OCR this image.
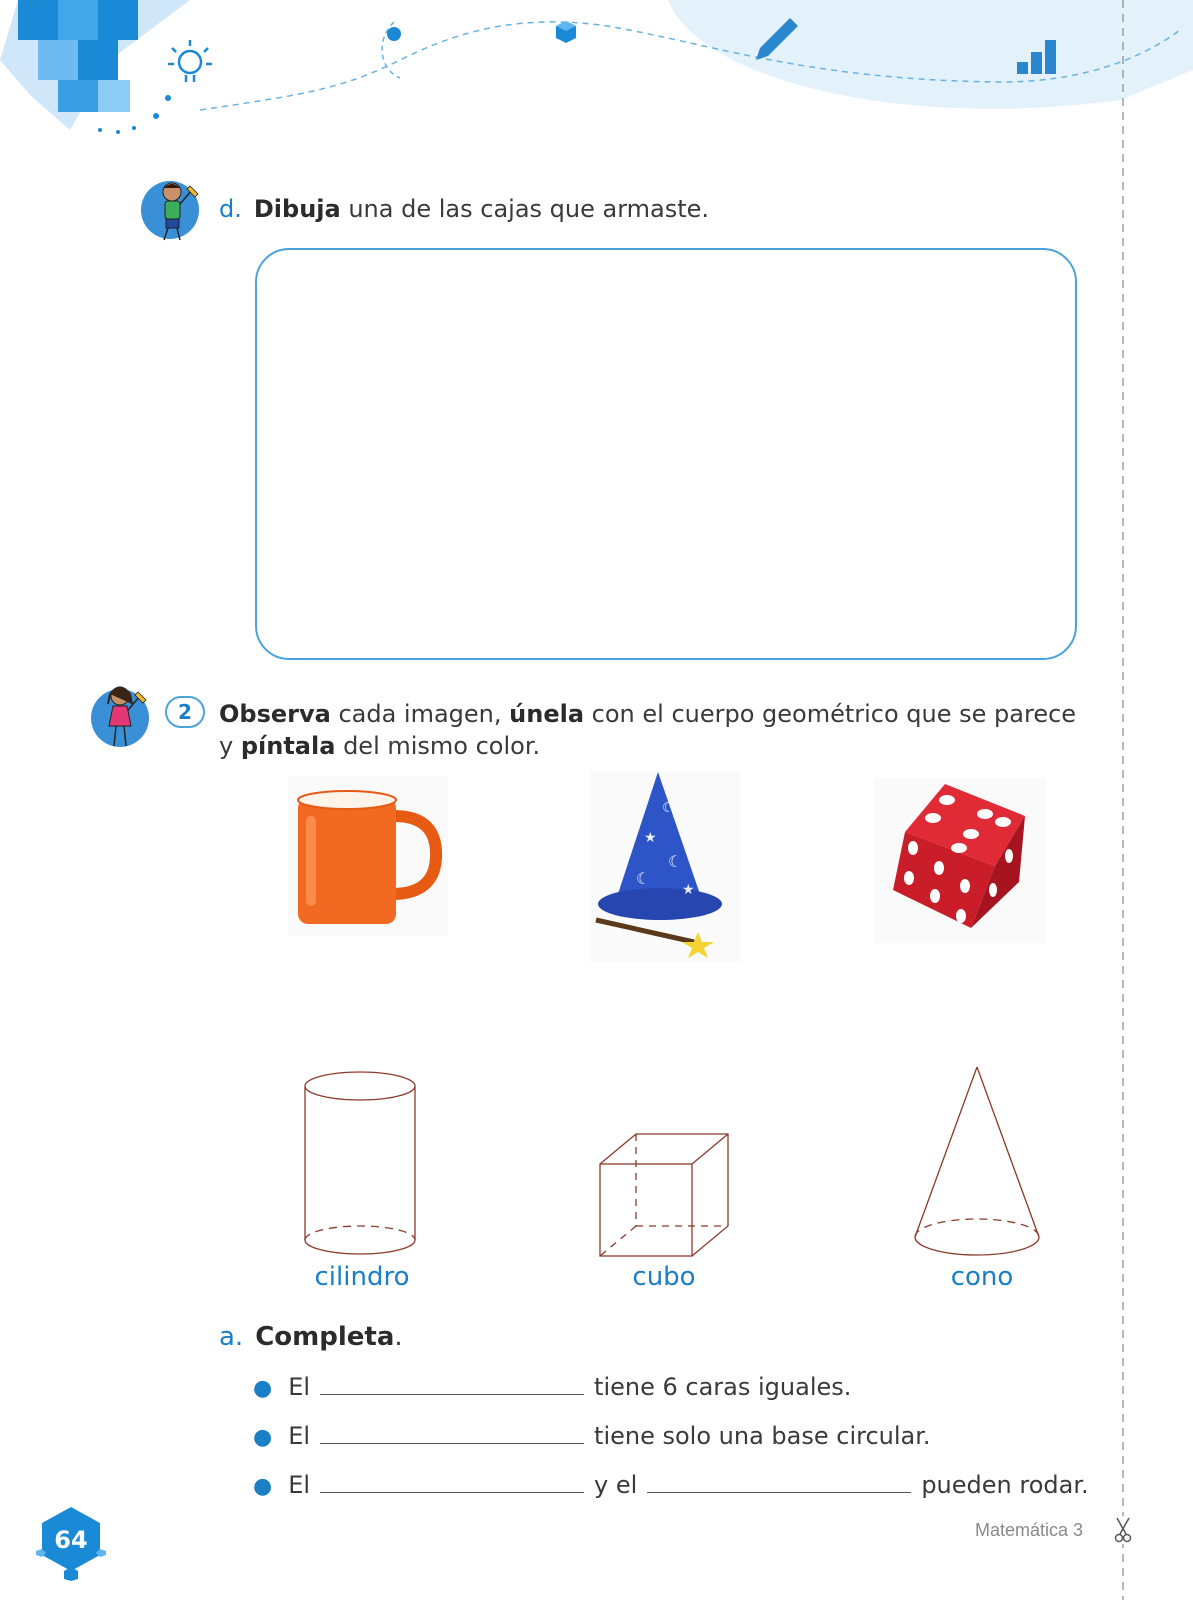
d. Dibuja una de las cajas que armaste.
2	Observa cada imagen, únela con el cuerpo geométrico que se parece y píntala del mismo color.
☾
★
☾
☾
★
cilindro	cubo	cono
a. Completa.
● El	tiene 6 caras iguales.
● El	tiene solo una base circular.
● El	y el	pueden rodar.
64	Matemática 3
